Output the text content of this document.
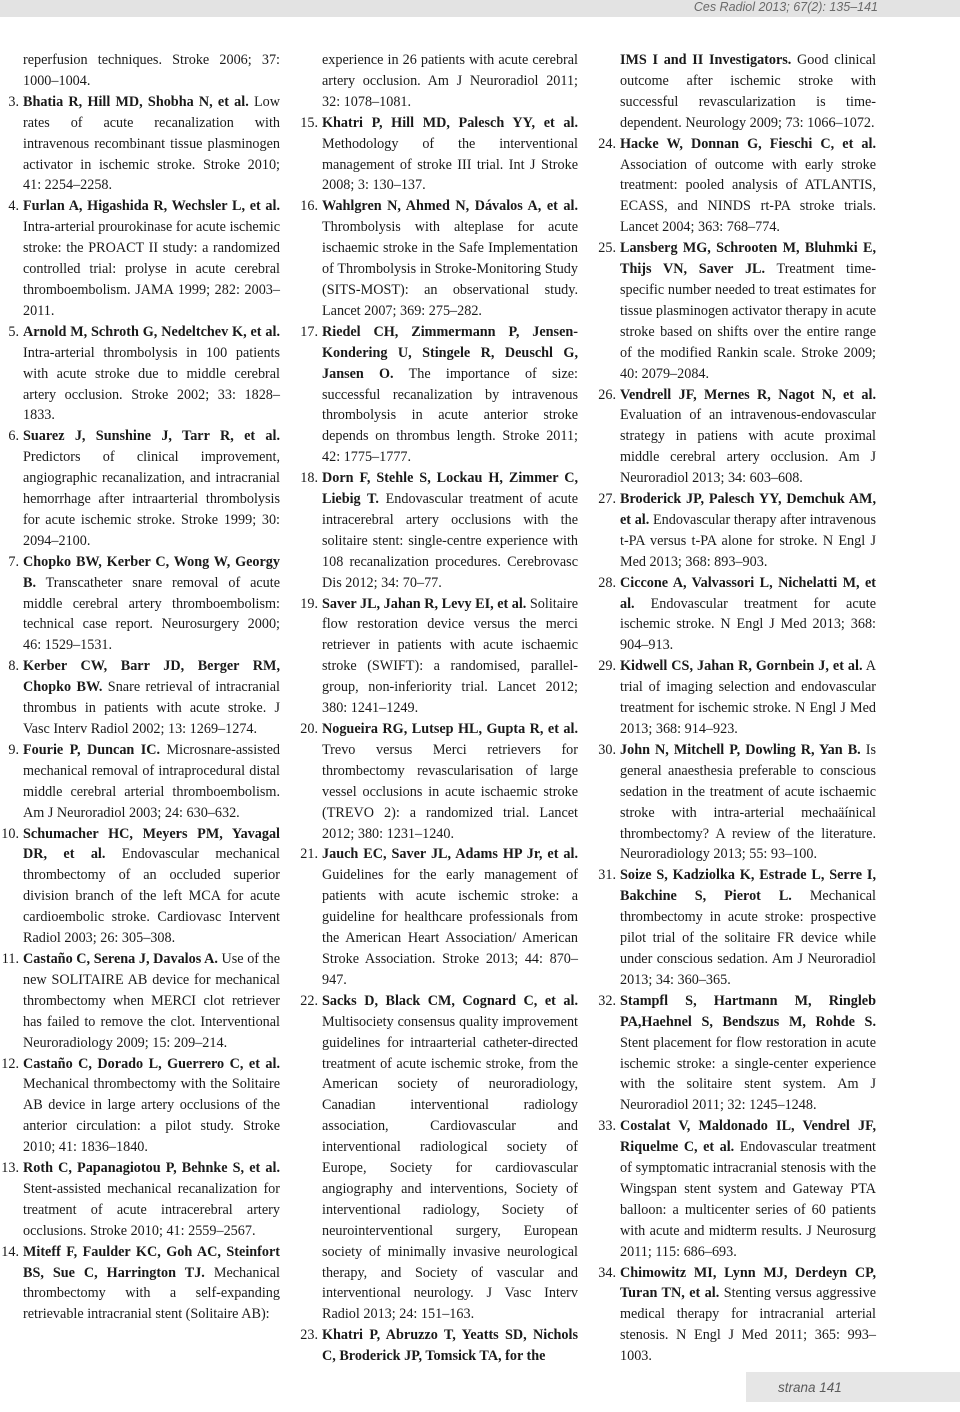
Ces Radiol 2013; 67(2): 135–141

reperfusion techniques. Stroke 2006; 37: 1000–1004.

3. Bhatia R, Hill MD, Shobha N, et al. Low rates of acute recanalization with intravenous recombinant tissue plasminogen activator in ischemic stroke. Stroke 2010; 41: 2254–2258.

4. Furlan A, Higashida R, Wechsler L, et al. Intra-arterial prourokinase for acute ischemic stroke: the PROACT II study: a randomized controlled trial: prolyse in acute cerebral thromboembolism. JAMA 1999; 282: 2003–2011.

5. Arnold M, Schroth G, Nedeltchev K, et al. Intra-arterial thrombolysis in 100 patients with acute stroke due to middle cerebral artery occlusion. Stroke 2002; 33: 1828–1833.

6. Suarez J, Sunshine J, Tarr R, et al. Predictors of clinical improvement, angiographic recanalization, and intracranial hemorrhage after intraarterial thrombolysis for acute ischemic stroke. Stroke 1999; 30: 2094–2100.

7. Chopko BW, Kerber C, Wong W, Georgy B. Transcatheter snare removal of acute middle cerebral artery thromboembolism: technical case report. Neurosurgery 2000; 46: 1529–1531.

8. Kerber CW, Barr JD, Berger RM, Chopko BW. Snare retrieval of intracranial thrombus in patients with acute stroke. J Vasc Interv Radiol 2002; 13: 1269–1274.

9. Fourie P, Duncan IC. Microsnare-assisted mechanical removal of intraprocedural distal middle cerebral arterial thromboembolism. Am J Neuroradiol 2003; 24: 630–632.

10. Schumacher HC, Meyers PM, Yavagal DR, et al. Endovascular mechanical thrombectomy of an occluded superior division branch of the left MCA for acute cardioembolic stroke. Cardiovasc Intervent Radiol 2003; 26: 305–308.

11. Castaño C, Serena J, Davalos A. Use of the new SOLITAIRE AB device for mechanical thrombectomy when MERCI clot retriever has failed to remove the clot. Interventional Neuroradiology 2009; 15: 209–214.

12. Castaño C, Dorado L, Guerrero C, et al. Mechanical thrombectomy with the Solitaire AB device in large artery occlusions of the anterior circulation: a pilot study. Stroke 2010; 41: 1836–1840.

13. Roth C, Papanagiotou P, Behnke S, et al. Stent-assisted mechanical recanalization for treatment of acute intracerebral artery occlusions. Stroke 2010; 41: 2559–2567.

14. Miteff F, Faulder KC, Goh AC, Steinfort BS, Sue C, Harrington TJ. Mechanical thrombectomy with a self-expanding retrievable intracranial stent (Solitaire AB):

experience in 26 patients with acute cerebral artery occlusion. Am J Neuroradiol 2011; 32: 1078–1081.

15. Khatri P, Hill MD, Palesch YY, et al. Methodology of the interventional management of stroke III trial. Int J Stroke 2008; 3: 130–137.

16. Wahlgren N, Ahmed N, Dávalos A, et al. Thrombolysis with alteplase for acute ischaemic stroke in the Safe Implementation of Thrombolysis in Stroke-Monitoring Study (SITS-MOST): an observational study. Lancet 2007; 369: 275–282.

17. Riedel CH, Zimmermann P, Jensen-Kondering U, Stingele R, Deuschl G, Jansen O. The importance of size: successful recanalization by intravenous thrombolysis in acute anterior stroke depends on thrombus length. Stroke 2011; 42: 1775–1777.

18. Dorn F, Stehle S, Lockau H, Zimmer C, Liebig T. Endovascular treatment of acute intracerebral artery occlusions with the solitaire stent: single-centre experience with 108 recanalization procedures. Cerebrovasc Dis 2012; 34: 70–77.

19. Saver JL, Jahan R, Levy EI, et al. Solitaire flow restoration device versus the merci retriever in patients with acute ischaemic stroke (SWIFT): a randomised, parallel-group, non-inferiority trial. Lancet 2012; 380: 1241–1249.

20. Nogueira RG, Lutsep HL, Gupta R, et al. Trevo versus Merci retrievers for thrombectomy revascularisation of large vessel occlusions in acute ischaemic stroke (TREVO 2): a randomized trial. Lancet 2012; 380: 1231–1240.

21. Jauch EC, Saver JL, Adams HP Jr, et al. Guidelines for the early management of patients with acute ischemic stroke: a guideline for healthcare professionals from the American Heart Association/ American Stroke Association. Stroke 2013; 44: 870–947.

22. Sacks D, Black CM, Cognard C, et al. Multisociety consensus quality improvement guidelines for intraarterial catheter-directed treatment of acute ischemic stroke, from the American society of neuroradiology, Canadian interventional radiology association, Cardiovascular and interventional radiological society of Europe, Society for cardiovascular angiography and interventions, Society of interventional radiology, Society of neurointerventional surgery, European society of minimally invasive neurological therapy, and Society of vascular and interventional neurology. J Vasc Interv Radiol 2013; 24: 151–163.

23. Khatri P, Abruzzo T, Yeatts SD, Nichols C, Broderick JP, Tomsick TA, for the

IMS I and II Investigators. Good clinical outcome after ischemic stroke with successful revascularization is time-dependent. Neurology 2009; 73: 1066–1072.

24. Hacke W, Donnan G, Fieschi C, et al. Association of outcome with early stroke treatment: pooled analysis of ATLANTIS, ECASS, and NINDS rt-PA stroke trials. Lancet 2004; 363: 768–774.

25. Lansberg MG, Schrooten M, Bluhmki E, Thijs VN, Saver JL. Treatment time-specific number needed to treat estimates for tissue plasminogen activator therapy in acute stroke based on shifts over the entire range of the modified Rankin scale. Stroke 2009; 40: 2079–2084.

26. Vendrell JF, Mernes R, Nagot N, et al. Evaluation of an intravenous-endovascular strategy in patiens with acute proximal middle cerebral artery occlusion. Am J Neuroradiol 2013; 34: 603–608.

27. Broderick JP, Palesch YY, Demchuk AM, et al. Endovascular therapy after intravenous t-PA versus t-PA alone for stroke. N Engl J Med 2013; 368: 893–903.

28. Ciccone A, Valvassori L, Nichelatti M, et al. Endovascular treatment for acute ischemic stroke. N Engl J Med 2013; 368: 904–913.

29. Kidwell CS, Jahan R, Gornbein J, et al. A trial of imaging selection and endovascular treatment for ischemic stroke. N Engl J Med 2013; 368: 914–923.

30. John N, Mitchell P, Dowling R, Yan B. Is general anaesthesia preferable to conscious sedation in the treatment of acute ischaemic stroke with intra-arterial mechaäínical thrombectomy? A review of the literature. Neuroradiology 2013; 55: 93–100.

31. Soize S, Kadziolka K, Estrade L, Serre I, Bakchine S, Pierot L. Mechanical thrombectomy in acute stroke: prospective pilot trial of the solitaire FR device while under conscious sedation. Am J Neuroradiol 2013; 34: 360–365.

32. Stampfl S, Hartmann M, Ringleb PA,Haehnel S, Bendszus M, Rohde S. Stent placement for flow restoration in acute ischemic stroke: a single-center experience with the solitaire stent system. Am J Neuroradiol 2011; 32: 1245–1248.

33. Costalat V, Maldonado IL, Vendrel JF, Riquelme C, et al. Endovascular treatment of symptomatic intracranial stenosis with the Wingspan stent system and Gateway PTA balloon: a multicenter series of 60 patients with acute and midterm results. J Neurosurg 2011; 115: 686–693.

34. Chimowitz MI, Lynn MJ, Derdeyn CP, Turan TN, et al. Stenting versus aggressive medical therapy for intracranial arterial stenosis. N Engl J Med 2011; 365: 993–1003.

strana 141
